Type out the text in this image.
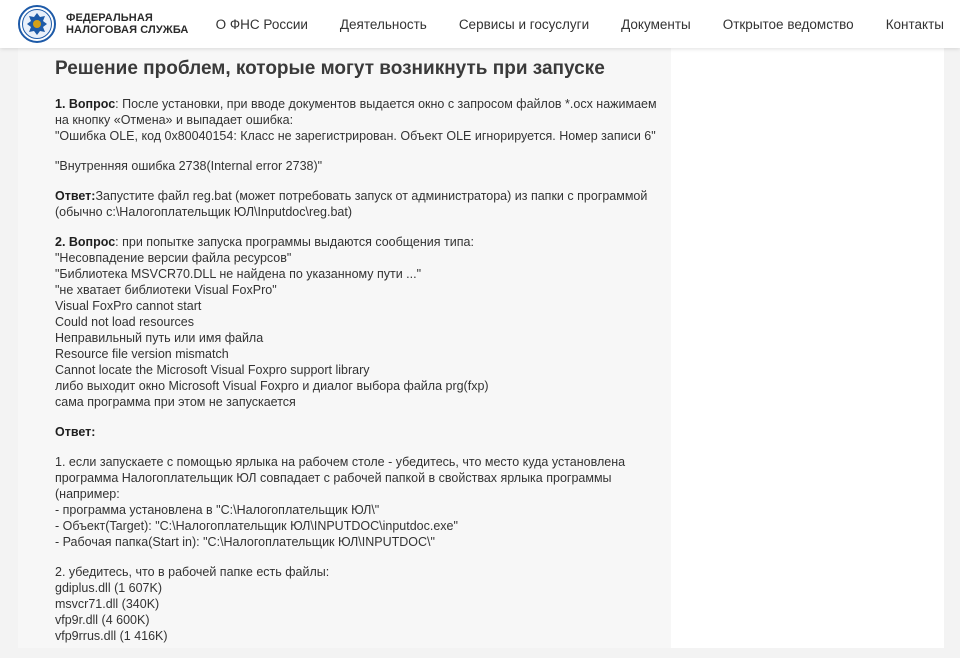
ФЕДЕРАЛЬНАЯ
НАЛОГОВАЯ СЛУЖБА	О ФНС России	Деятельность	Сервисы и госуслуги	Документы	Открытое ведомство	Контакты
Решение проблем, которые могут возникнуть при запуске

1. Вопрос: После установки, при вводе документов выдается окно с запросом файлов *.ocx нажимаем на кнопку «Отмена» и выпадает ошибка:
"Ошибка OLE, код 0x80040154: Класс не зарегистрирован. Объект OLE игнорируется. Номер записи 6"

"Внутренняя ошибка 2738(Internal error 2738)"

Ответ:Запустите файл reg.bat (может потребовать запуск от администратора) из папки с программой (обычно c:\Налогоплательщик ЮЛ\Inputdoc\reg.bat)

2. Вопрос: при попытке запуска программы выдаются сообщения типа:
"Несовпадение версии файла ресурсов"
"Библиотека MSVCR70.DLL не найдена по указанному пути ..."
"не хватает библиотеки Visual FoxPro"
Visual FoxPro cannot start
Could not load resources
Неправильный путь или имя файла
Resource file version mismatch
Cannot locate the Microsoft Visual Foxpro support library
либо выходит окно Microsoft Visual Foxpro и диалог выбора файла prg(fxp)
сама программа при этом не запускается

Ответ:

1. если запускаете с помощью ярлыка на рабочем столе - убедитесь, что место куда установлена программа Налогоплательщик ЮЛ совпадает с рабочей папкой в свойствах ярлыка программы (например:
- программа установлена в "C:\Налогоплательщик ЮЛ\"
- Объект(Target): "C:\Налогоплательщик ЮЛ\INPUTDOC\inputdoc.exe"
- Рабочая папка(Start in): "C:\Налогоплательщик ЮЛ\INPUTDOC\"

2. убедитесь, что в рабочей папке есть файлы:
gdiplus.dll (1 607K)
msvcr71.dll (340K)
vfp9r.dll (4 600K)
vfp9rrus.dll (1 416K)
